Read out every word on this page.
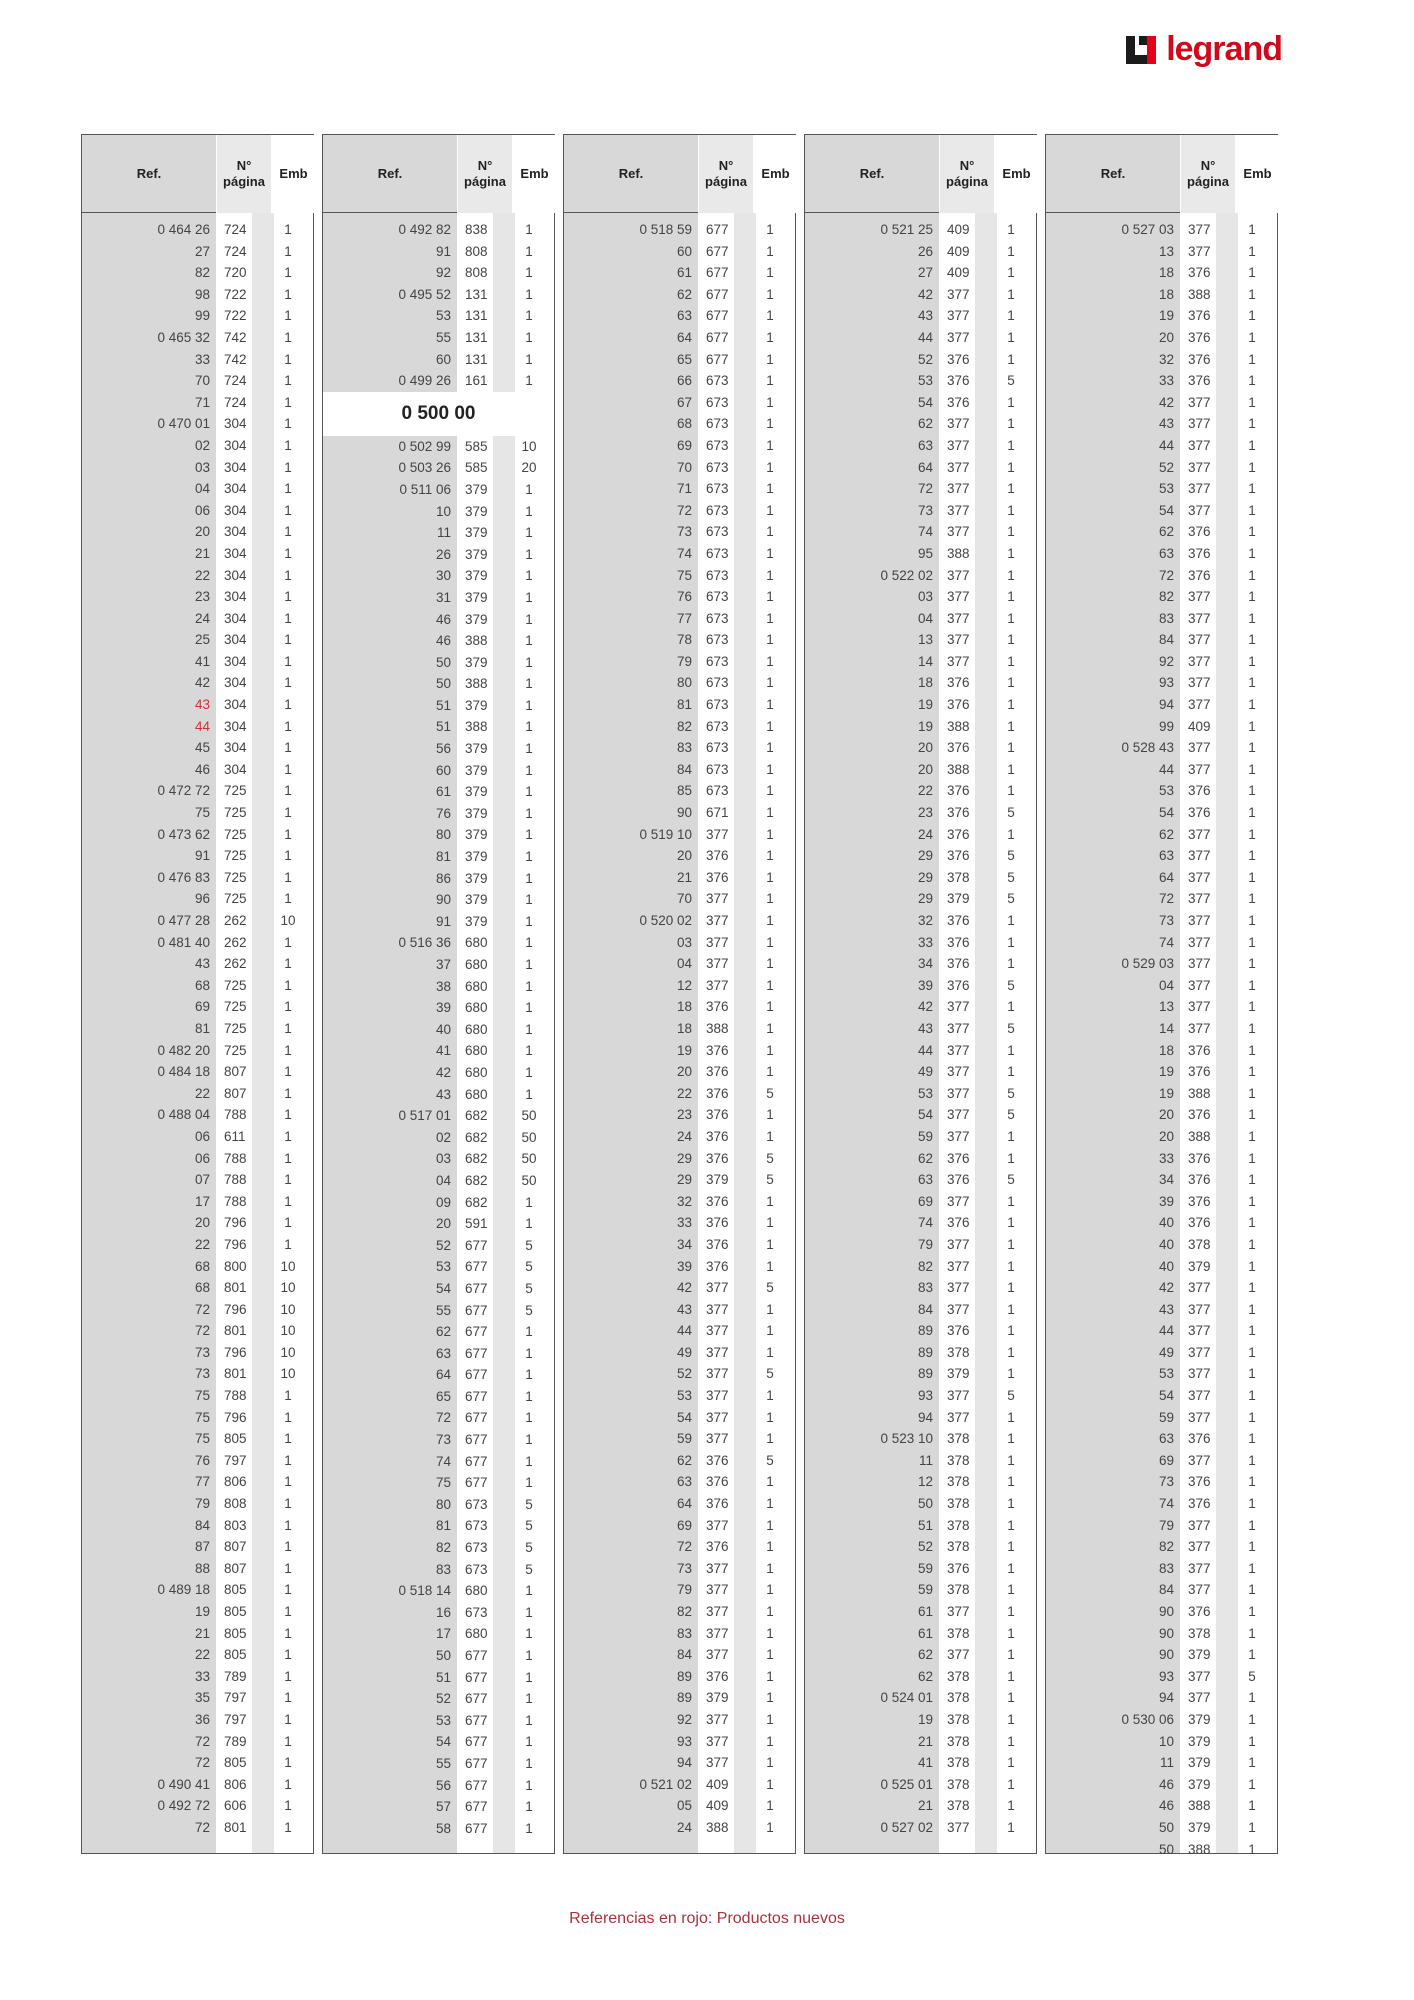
legrand
Ref.
N°
página
Emb
0 464 26 724	1
27 724	1
82 720	1
98 722	1
99 722	1
0 465 32 742	1
33 742	1
70 724	1
71 724	1
0 470 01 304	1
02 304	1
03 304	1
04 304	1
06 304	1
20 304	1
21 304	1
22 304	1
23 304	1
24 304	1
25 304	1
41 304	1
42 304	1
43 304	1
44 304	1
45 304	1
46 304	1
0 472 72 725	1
75 725	1
0 473 62 725	1
91 725	1
0 476 83 725	1
96 725	1
0 477 28 262	10
0 481 40 262	1
43 262	1
68 725	1
69 725	1
81 725	1
0 482 20 725	1
0 484 18 807	1
22 807	1
0 488 04 788	1
06 611	1
06 788	1
07 788	1
17 788	1
20 796	1
22 796	1
68 800	10
68 801	10
72 796	10
72 801	10
73 796	10
73 801	10
75 788	1
75 796	1
75 805	1
76 797	1
77 806	1
79 808	1
84 803	1
87 807	1
88 807	1
0 489 18 805	1
19 805	1
21 805	1
22 805	1
33 789	1
35 797	1
36 797	1
72 789	1
72 805	1
0 490 41 806	1
0 492 72 606	1
72 801	1
Ref.
N°
página
Emb
0 492 82 838	1
91 808	1
92 808	1
0 495 52 131	1
53 131	1
55 131	1
60 131	1
0 499 26 161	1
0 500 00
0 502 99 585	10
0 503 26 585	20
0 511 06 379	1
10 379	1
11 379	1
26 379	1
30 379	1
31 379	1
46 379	1
46 388	1
50 379	1
50 388	1
51 379	1
51 388	1
56 379	1
60 379	1
61 379	1
76 379	1
80 379	1
81 379	1
86 379	1
90 379	1
91 379	1
0 516 36 680	1
37 680	1
38 680	1
39 680	1
40 680	1
41 680	1
42 680	1
43 680	1
0 517 01 682	50
02 682	50
03 682	50
04 682	50
09 682	1
20 591	1
52 677	5
53 677	5
54 677	5
55 677	5
62 677	1
63 677	1
64 677	1
65 677	1
72 677	1
73 677	1
74 677	1
75 677	1
80 673	5
81 673	5
82 673	5
83 673	5
0 518 14 680	1
16 673	1
17 680	1
50 677	1
51 677	1
52 677	1
53 677	1
54 677	1
55 677	1
56 677	1
57 677	1
58 677	1
Ref.
N°
página
Emb
0 518 59 677	1
60 677	1
61 677	1
62 677	1
63 677	1
64 677	1
65 677	1
66 673	1
67 673	1
68 673	1
69 673	1
70 673	1
71 673	1
72 673	1
73 673	1
74 673	1
75 673	1
76 673	1
77 673	1
78 673	1
79 673	1
80 673	1
81 673	1
82 673	1
83 673	1
84 673	1
85 673	1
90 671	1
0 519 10 377	1
20 376	1
21 376	1
70 377	1
0 520 02 377	1
03 377	1
04 377	1
12 377	1
18 376	1
18 388	1
19 376	1
20 376	1
22 376	5
23 376	1
24 376	1
29 376	5
29 379	5
32 376	1
33 376	1
34 376	1
39 376	1
42 377	5
43 377	1
44 377	1
49 377	1
52 377	5
53 377	1
54 377	1
59 377	1
62 376	5
63 376	1
64 376	1
69 377	1
72 376	1
73 377	1
79 377	1
82 377	1
83 377	1
84 377	1
89 376	1
89 379	1
92 377	1
93 377	1
94 377	1
0 521 02 409	1
05 409	1
24 388	1
Ref.
N°
página
Emb
0 521 25 409	1
26 409	1
27 409	1
42 377	1
43 377	1
44 377	1
52 376	1
53 376	5
54 376	1
62 377	1
63 377	1
64 377	1
72 377	1
73 377	1
74 377	1
95 388	1
0 522 02 377	1
03 377	1
04 377	1
13 377	1
14 377	1
18 376	1
19 376	1
19 388	1
20 376	1
20 388	1
22 376	1
23 376	5
24 376	1
29 376	5
29 378	5
29 379	5
32 376	1
33 376	1
34 376	1
39 376	5
42 377	1
43 377	5
44 377	1
49 377	1
53 377	5
54 377	5
59 377	1
62 376	1
63 376	5
69 377	1
74 376	1
79 377	1
82 377	1
83 377	1
84 377	1
89 376	1
89 378	1
89 379	1
93 377	5
94 377	1
0 523 10 378	1
11 378	1
12 378	1
50 378	1
51 378	1
52 378	1
59 376	1
59 378	1
61 377	1
61 378	1
62 377	1
62 378	1
0 524 01 378	1
19 378	1
21 378	1
41 378	1
0 525 01 378	1
21 378	1
0 527 02 377	1
Ref.
N°
página
Emb
0 527 03 377	1
13 377	1
18 376	1
18 388	1
19 376	1
20 376	1
32 376	1
33 376	1
42 377	1
43 377	1
44 377	1
52 377	1
53 377	1
54 377	1
62 376	1
63 376	1
72 376	1
82 377	1
83 377	1
84 377	1
92 377	1
93 377	1
94 377	1
99 409	1
0 528 43 377	1
44 377	1
53 376	1
54 376	1
62 377	1
63 377	1
64 377	1
72 377	1
73 377	1
74 377	1
0 529 03 377	1
04 377	1
13 377	1
14 377	1
18 376	1
19 376	1
19 388	1
20 376	1
20 388	1
33 376	1
34 376	1
39 376	1
40 376	1
40 378	1
40 379	1
42 377	1
43 377	1
44 377	1
49 377	1
53 377	1
54 377	1
59 377	1
63 376	1
69 377	1
73 376	1
74 376	1
79 377	1
82 377	1
83 377	1
84 377	1
90 376	1
90 378	1
90 379	1
93 377	5
94 377	1
0 530 06 379	1
10 379	1
11 379	1
46 379	1
46 388	1
50 379	1
50 388	1
Referencias en rojo: Productos nuevos
